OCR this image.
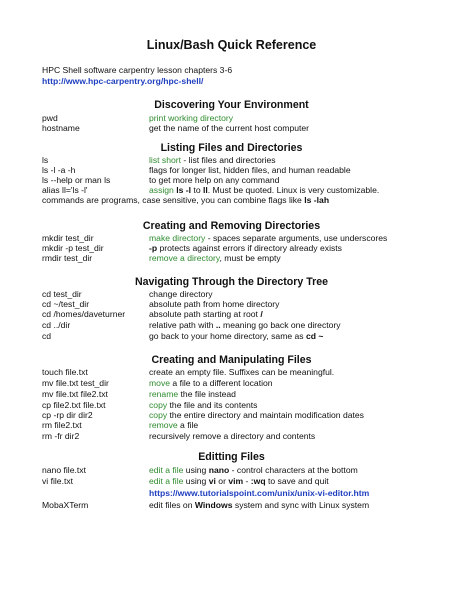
Linux/Bash Quick Reference
HPC Shell software carpentry lesson chapters 3-6
http://www.hpc-carpentry.org/hpc-shell/
Discovering Your Environment
pwd	print working directory
hostname	get the name of the current host computer
Listing Files and Directories
ls	list short - list files and directories
ls -l -a -h	flags for longer list, hidden files, and human readable
ls --help or man ls	to get more help on any command
alias ll='ls -l'	assign ls -l to ll. Must be quoted. Linux is very customizable.
commands are programs, case sensitive, you can combine flags like ls -lah
Creating and Removing Directories
mkdir test_dir	make directory - spaces separate arguments, use underscores
mkdir -p test_dir	-p protects against errors if directory already exists
rmdir test_dir	remove a directory, must be empty
Navigating Through the Directory Tree
cd test_dir	change directory
cd ~/test_dir	absolute path from home directory
cd /homes/daveturner	absolute path starting at root /
cd ../dir	relative path with .. meaning go back one directory
cd	go back to your home directory, same as cd ~
Creating and Manipulating Files
touch file.txt	create an empty file. Suffixes can be meaningful.
mv file.txt test_dir	move a file to a different location
mv file.txt file2.txt	rename the file instead
cp file2.txt file.txt	copy the file and its contents
cp -rp dir dir2	copy the entire directory and maintain modification dates
rm file2.txt	remove a file
rm -fr dir2	recursively remove a directory and contents
Editting Files
nano file.txt	edit a file using nano - control characters at the bottom
vi file.txt	edit a file using vi or vim - :wq to save and quit
https://www.tutorialspoint.com/unix/unix-vi-editor.htm
MobaXTerm	edit files on Windows system and sync with Linux system
